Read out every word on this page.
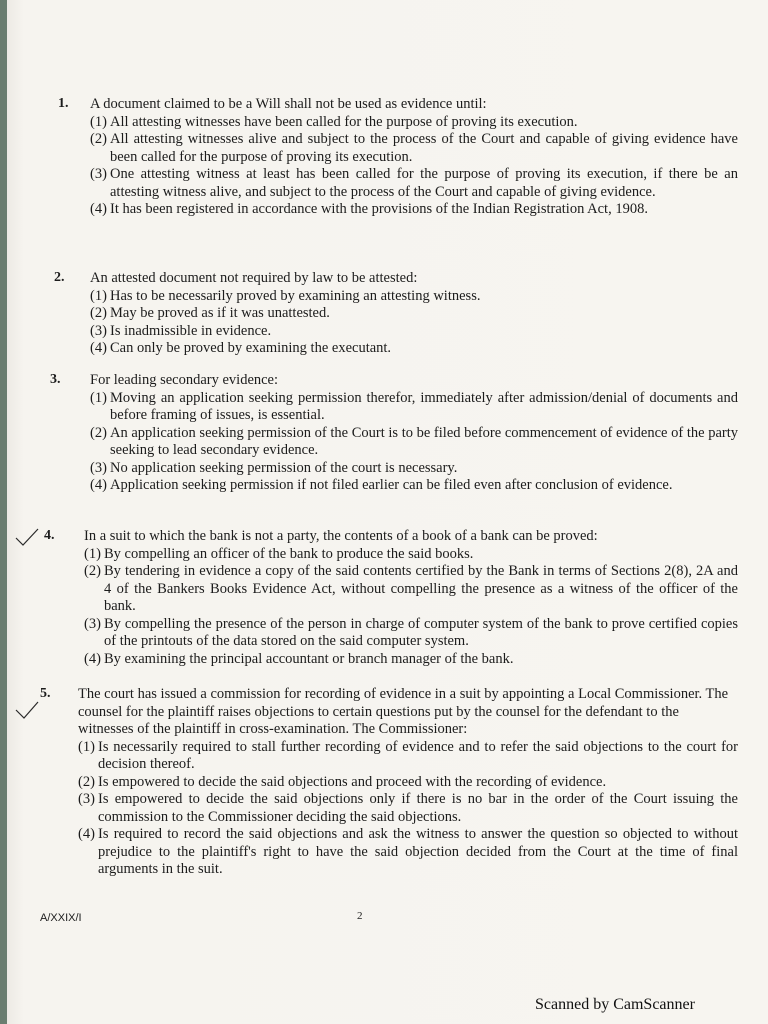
1. A document claimed to be a Will shall not be used as evidence until:
(1) All attesting witnesses have been called for the purpose of proving its execution.
(2) All attesting witnesses alive and subject to the process of the Court and capable of giving evidence have been called for the purpose of proving its execution.
(3) One attesting witness at least has been called for the purpose of proving its execution, if there be an attesting witness alive, and subject to the process of the Court and capable of giving evidence.
(4) It has been registered in accordance with the provisions of the Indian Registration Act, 1908.
2. An attested document not required by law to be attested:
(1) Has to be necessarily proved by examining an attesting witness.
(2) May be proved as if it was unattested.
(3) Is inadmissible in evidence.
(4) Can only be proved by examining the executant.
3. For leading secondary evidence:
(1) Moving an application seeking permission therefor, immediately after admission/denial of documents and before framing of issues, is essential.
(2) An application seeking permission of the Court is to be filed before commencement of evidence of the party seeking to lead secondary evidence.
(3) No application seeking permission of the court is necessary.
(4) Application seeking permission if not filed earlier can be filed even after conclusion of evidence.
4. In a suit to which the bank is not a party, the contents of a book of a bank can be proved:
(1) By compelling an officer of the bank to produce the said books.
(2) By tendering in evidence a copy of the said contents certified by the Bank in terms of Sections 2(8), 2A and 4 of the Bankers Books Evidence Act, without compelling the presence as a witness of the officer of the bank.
(3) By compelling the presence of the person in charge of computer system of the bank to prove certified copies of the printouts of the data stored on the said computer system.
(4) By examining the principal accountant or branch manager of the bank.
5. The court has issued a commission for recording of evidence in a suit by appointing a Local Commissioner. The counsel for the plaintiff raises objections to certain questions put by the counsel for the defendant to the witnesses of the plaintiff in cross-examination. The Commissioner:
(1) Is necessarily required to stall further recording of evidence and to refer the said objections to the court for decision thereof.
(2) Is empowered to decide the said objections and proceed with the recording of evidence.
(3) Is empowered to decide the said objections only if there is no bar in the order of the Court issuing the commission to the Commissioner deciding the said objections.
(4) Is required to record the said objections and ask the witness to answer the question so objected to without prejudice to the plaintiff's right to have the said objection decided from the Court at the time of final arguments in the suit.
A/XXIX/I	2
Scanned by CamScanner
